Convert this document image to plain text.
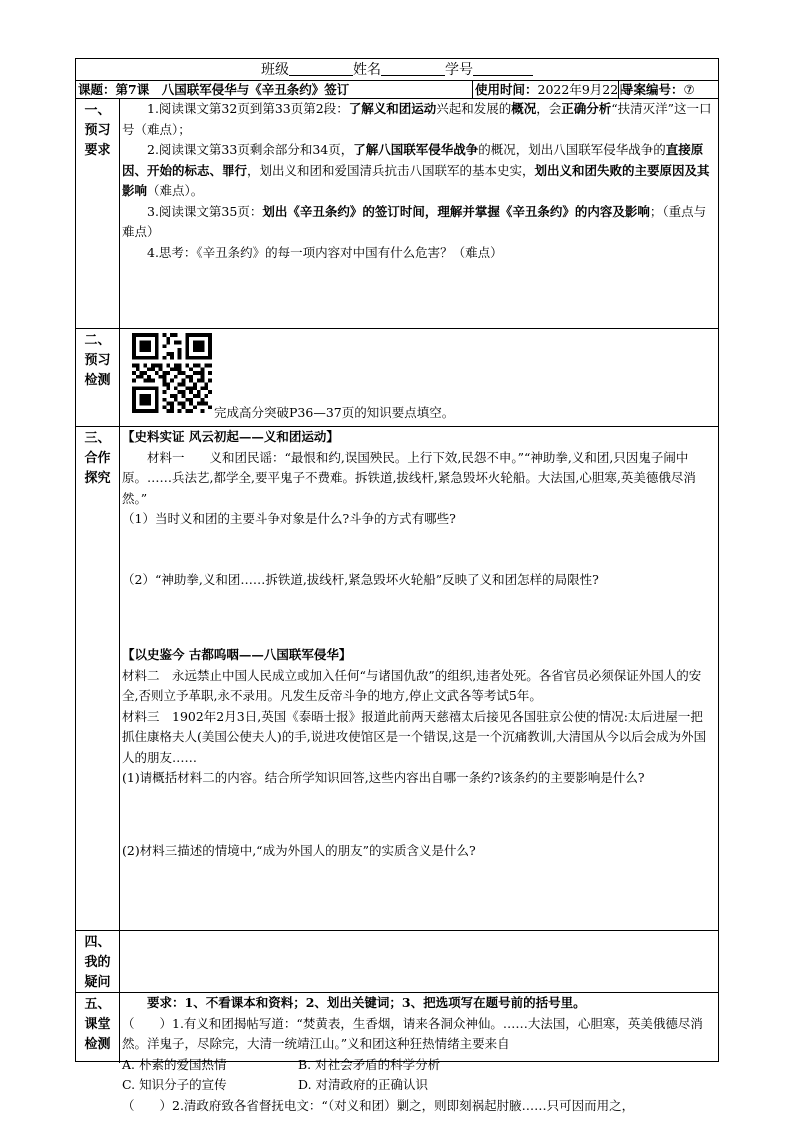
班级	姓名	学号
课题：第7课　八国联军侵华与《辛丑条约》签订	使用时间：2022年9月22日
导案编号：⑦
一、
预习
要求

1.阅读课文第32页到第33页第2段：了解义和团运动兴起和发展的概况，会正确分析“扶清灭洋”这一口号（难点）；

2.阅读课文第33页剩余部分和34页，了解八国联军侵华战争的概况，划出八国联军侵华战争的直接原因、开始的标志、罪行，划出义和团和爱国清兵抗击八国联军的基本史实，划出义和团失败的主要原因及其影响（难点）。

3.阅读课文第35页：划出《辛丑条约》的签订时间，理解并掌握《辛丑条约》的内容及影响；（重点与难点）

4.思考：《辛丑条约》的每一项内容对中国有什么危害？（难点）

二、
预习
检测
完成高分突破P36—37页的知识要点填空。
三、
合作
探究

【史料实证 风云初起——义和团运动】

材料一　　义和团民谣：“最恨和约,误国殃民。上行下效,民怨不申。”“神助拳,义和团,只因鬼子闹中原。……兵法艺,都学全,要平鬼子不费难。拆铁道,拔线杆,紧急毁坏火轮船。大法国,心胆寒,英美德俄尽消然。”

（1）当时义和团的主要斗争对象是什么?斗争的方式有哪些?

（2）“神助拳,义和团……拆铁道,拔线杆,紧急毁坏火轮船”反映了义和团怎样的局限性?

【以史鉴今 古都呜咽——八国联军侵华】

材料二　永远禁止中国人民成立或加入任何“与诸国仇敌”的组织,违者处死。各省官员必须保证外国人的安全,否则立予革职,永不录用。凡发生反帝斗争的地方,停止文武各等考试5年。

材料三　1902年2月3日,英国《泰晤士报》报道此前两天慈禧太后接见各国驻京公使的情况:太后进屋一把抓住康格夫人(美国公使夫人)的手,说进攻使馆区是一个错误,这是一个沉痛教训,大清国从今以后会成为外国人的朋友……

(1)请概括材料二的内容。结合所学知识回答,这些内容出自哪一条约?该条约的主要影响是什么?

(2)材料三描述的情境中,“成为外国人的朋友”的实质含义是什么?

四、
我的
疑问
五、
课堂
检测

要求：1、不看课本和资料；2、划出关键词；3、把选项写在题号前的括号里。

（　　）1.有义和团揭帖写道：“焚黄表，生香烟，请来各洞众神仙。……大法国，心胆寒，英美俄德尽消然。洋鬼子，尽除完，大清一统靖江山。”义和团这种狂热情绪主要来自

A. 朴素的爱国热情	B. 对社会矛盾的科学分析

C. 知识分子的宣传	D. 对清政府的正确认识

（　　）2.清政府致各省督抚电文：“（对义和团）剿之，则即刻祸起肘腋……只可因而用之，
